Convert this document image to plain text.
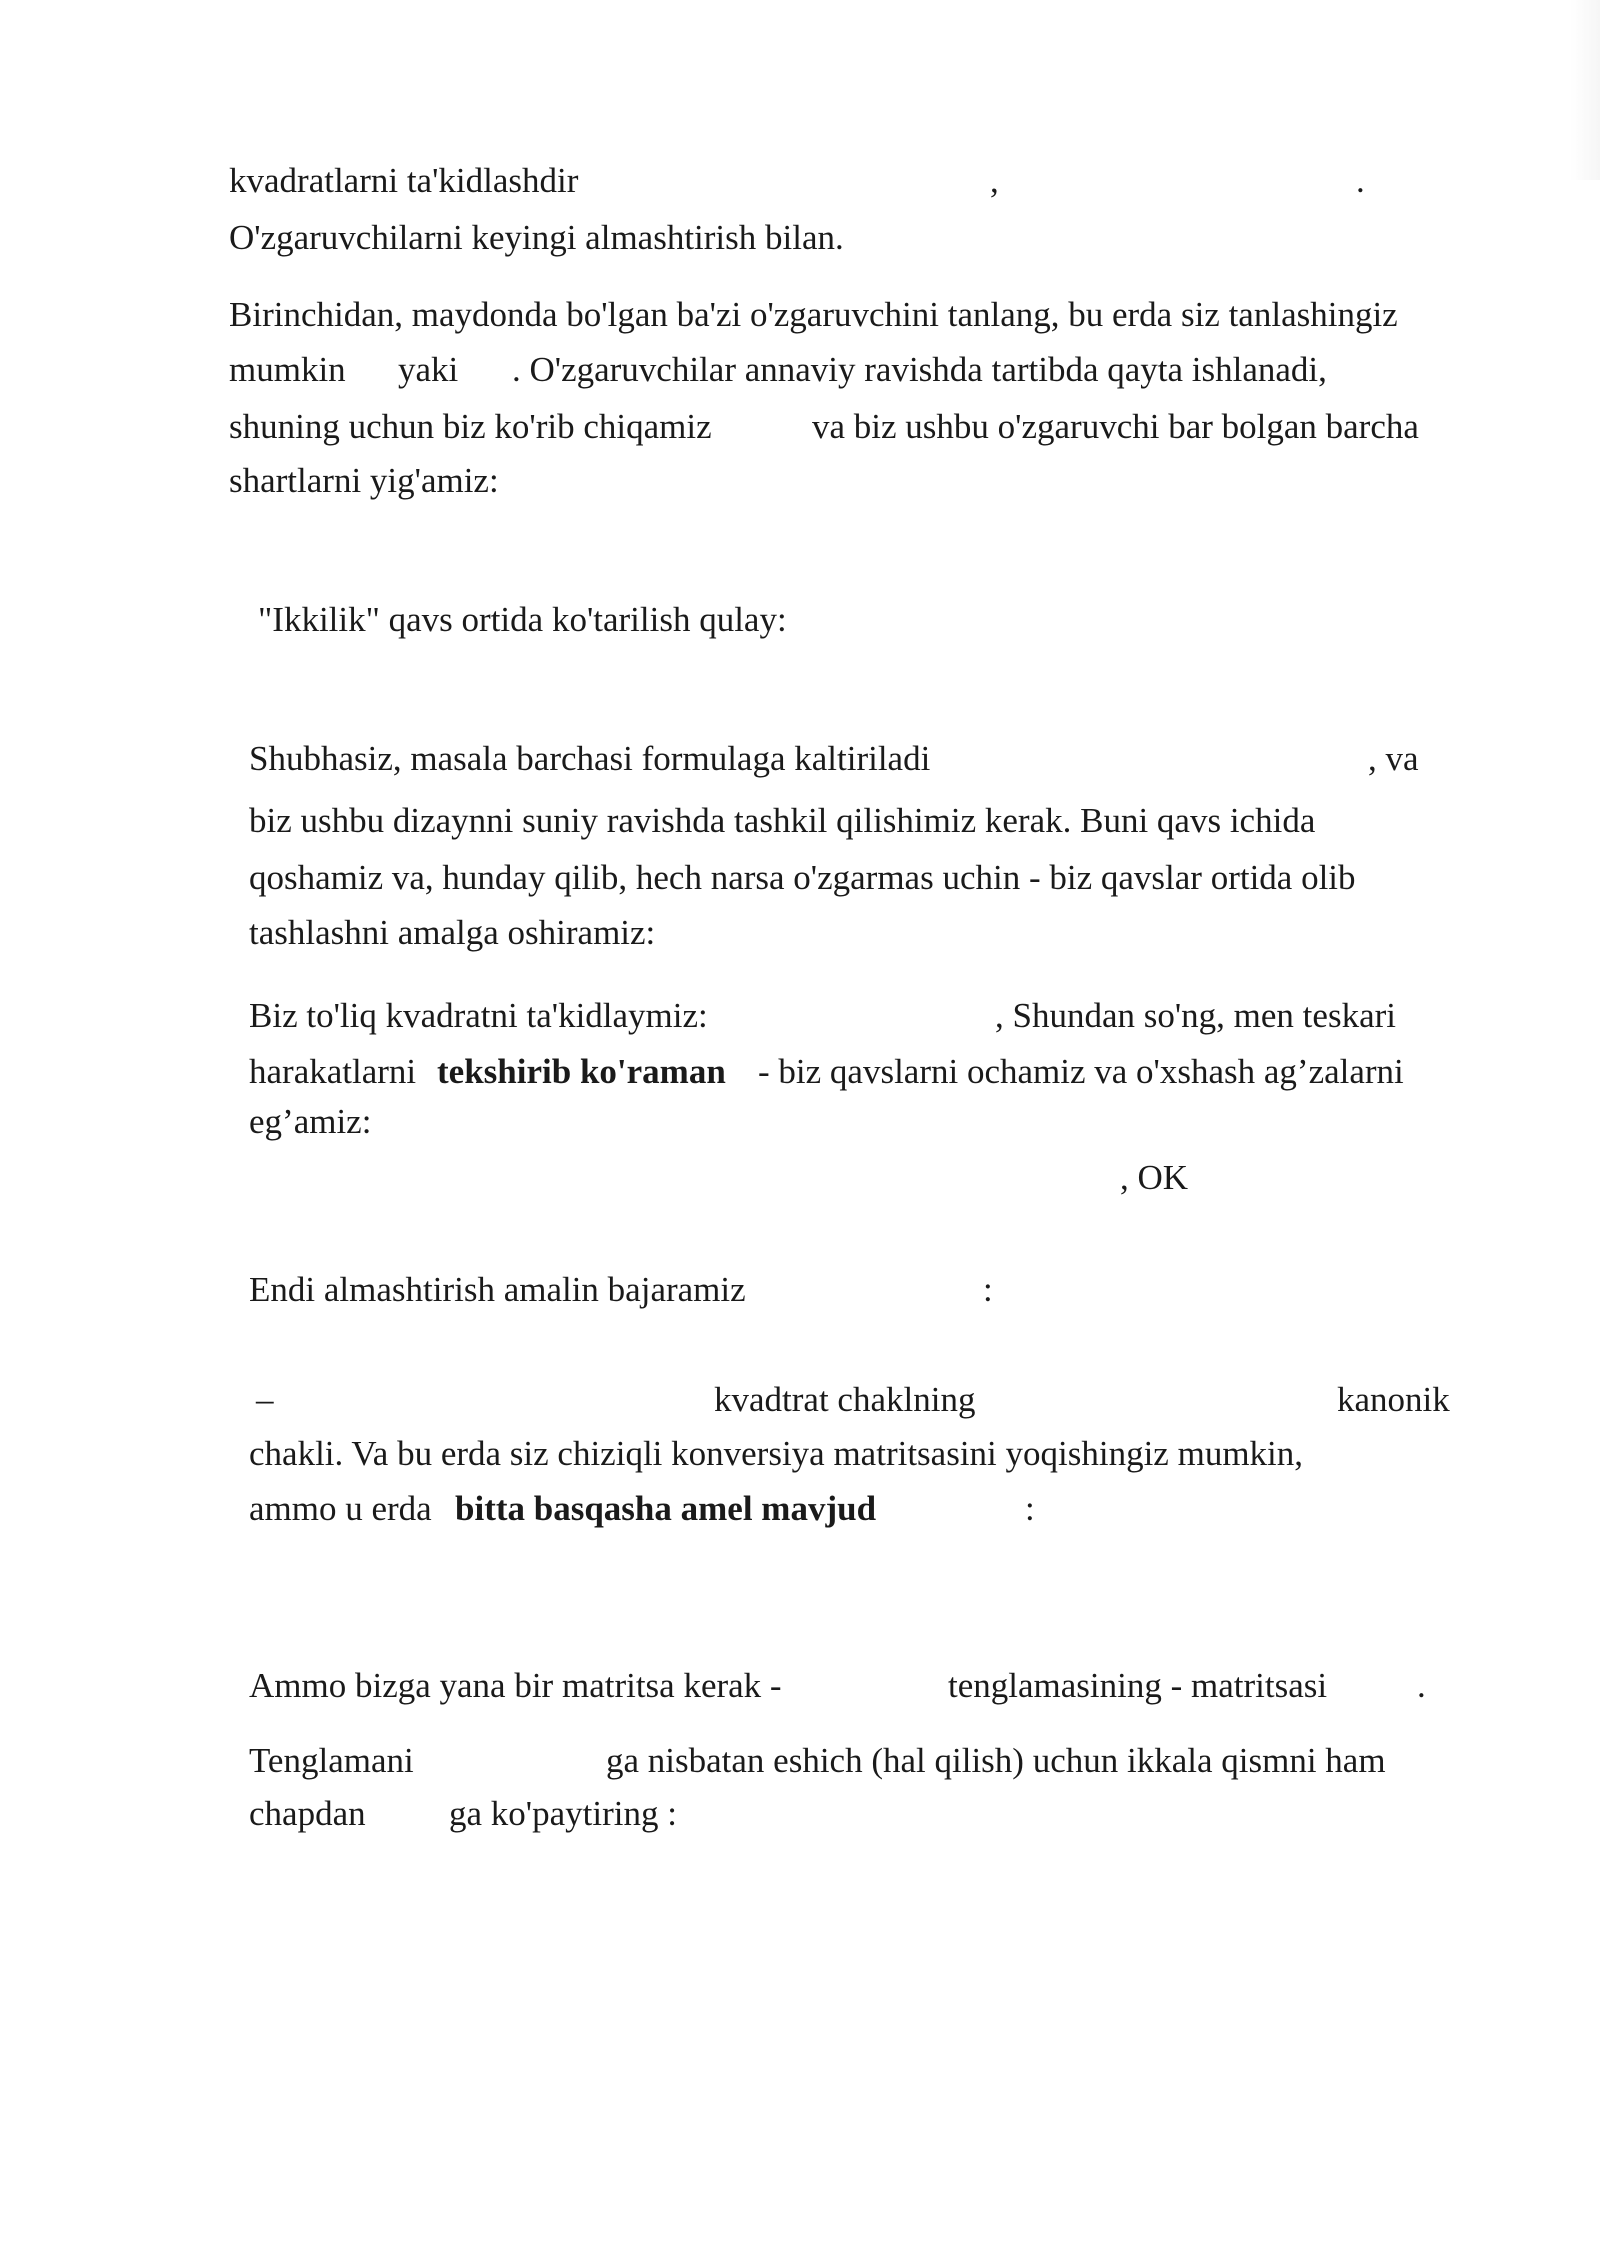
kvadratlarni ta'kidlashdir	,	.
O'zgaruvchilarni keyingi almashtirish bilan.
Birinchidan, maydonda bo'lgan ba'zi o'zgaruvchini tanlang, bu erda siz tanlashingiz
mumkin yaki . O'zgaruvchilar annaviy ravishda tartibda qayta ishlanadi,
shuning uchun biz ko'rib chiqamiz	va biz ushbu o'zgaruvchi bar bolgan barcha
shartlarni yig'amiz:
"Ikkilik" qavs ortida ko'tarilish qulay:
Shubhasiz, masala barchasi formulaga kaltiriladi	, va
biz ushbu dizaynni suniy ravishda tashkil qilishimiz kerak. Buni qavs ichida
qoshamiz va, hunday qilib, hech narsa o'zgarmas uchin - biz qavslar ortida olib
tashlashni amalga oshiramiz:
Biz to'liq kvadratni ta'kidlaymiz:	, Shundan so'ng, men teskari
harakatlarni tekshirib ko'raman - biz qavslarni ochamiz va o'xshash ag’zalarni
eg’amiz:
, OK
Endi almashtirish amalin bajaramiz	:
–	kvadtrat chaklning	kanonik
chakli. Va bu erda siz chiziqli konversiya matritsasini yoqishingiz mumkin,
ammo u erda bitta basqasha amel mavjud	:
Ammo bizga yana bir matritsa kerak -	tenglamasining - matritsasi	.
Tenglamani	ga nisbatan eshich (hal qilish) uchun ikkala qismni ham
chapdan ga ko'paytiring :
